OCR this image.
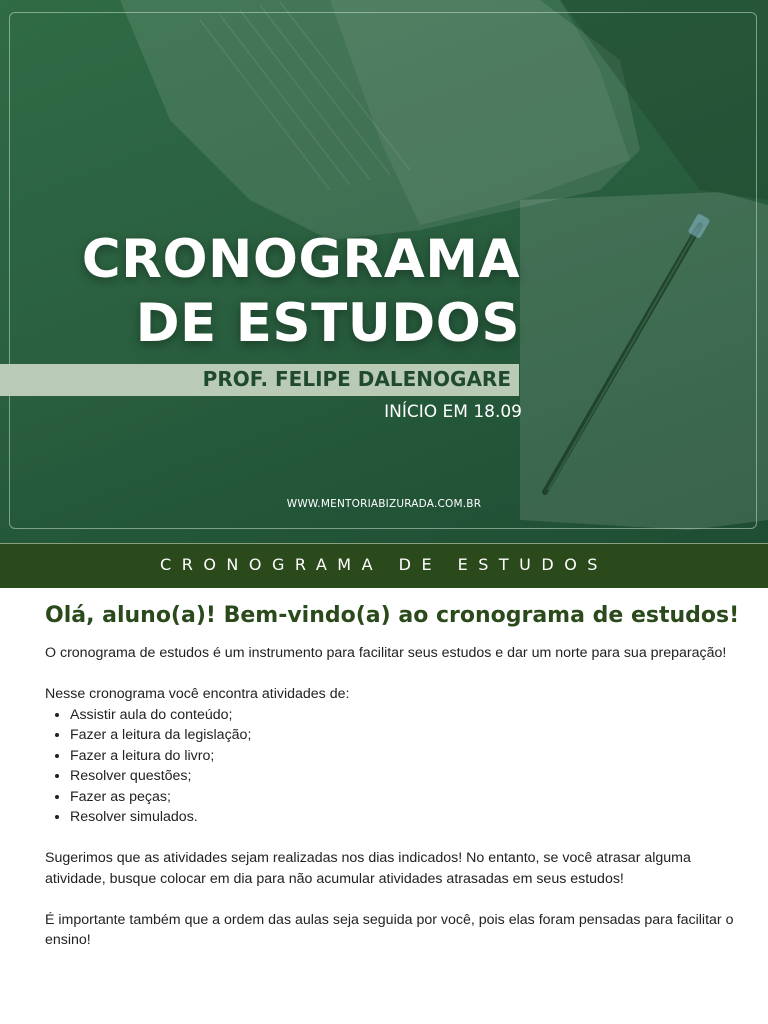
CRONOGRAMA
DE ESTUDOS
PROF. FELIPE DALENOGARE
INÍCIO EM 18.09
WWW.MENTORIABIZURADA.COM.BR
CRONOGRAMA DE ESTUDOS
Olá, aluno(a)! Bem-vindo(a) ao cronograma de estudos!

O cronograma de estudos é um instrumento para facilitar seus estudos e dar um norte para sua preparação!

Nesse cronograma você encontra atividades de:

• Assistir aula do conteúdo;
• Fazer a leitura da legislação;
• Fazer a leitura do livro;
• Resolver questões;
• Fazer as peças;
• Resolver simulados.

Sugerimos que as atividades sejam realizadas nos dias indicados! No entanto, se você atrasar alguma atividade, busque colocar em dia para não acumular atividades atrasadas em seus estudos!

É importante também que a ordem das aulas seja seguida por você, pois elas foram pensadas para facilitar o ensino!
